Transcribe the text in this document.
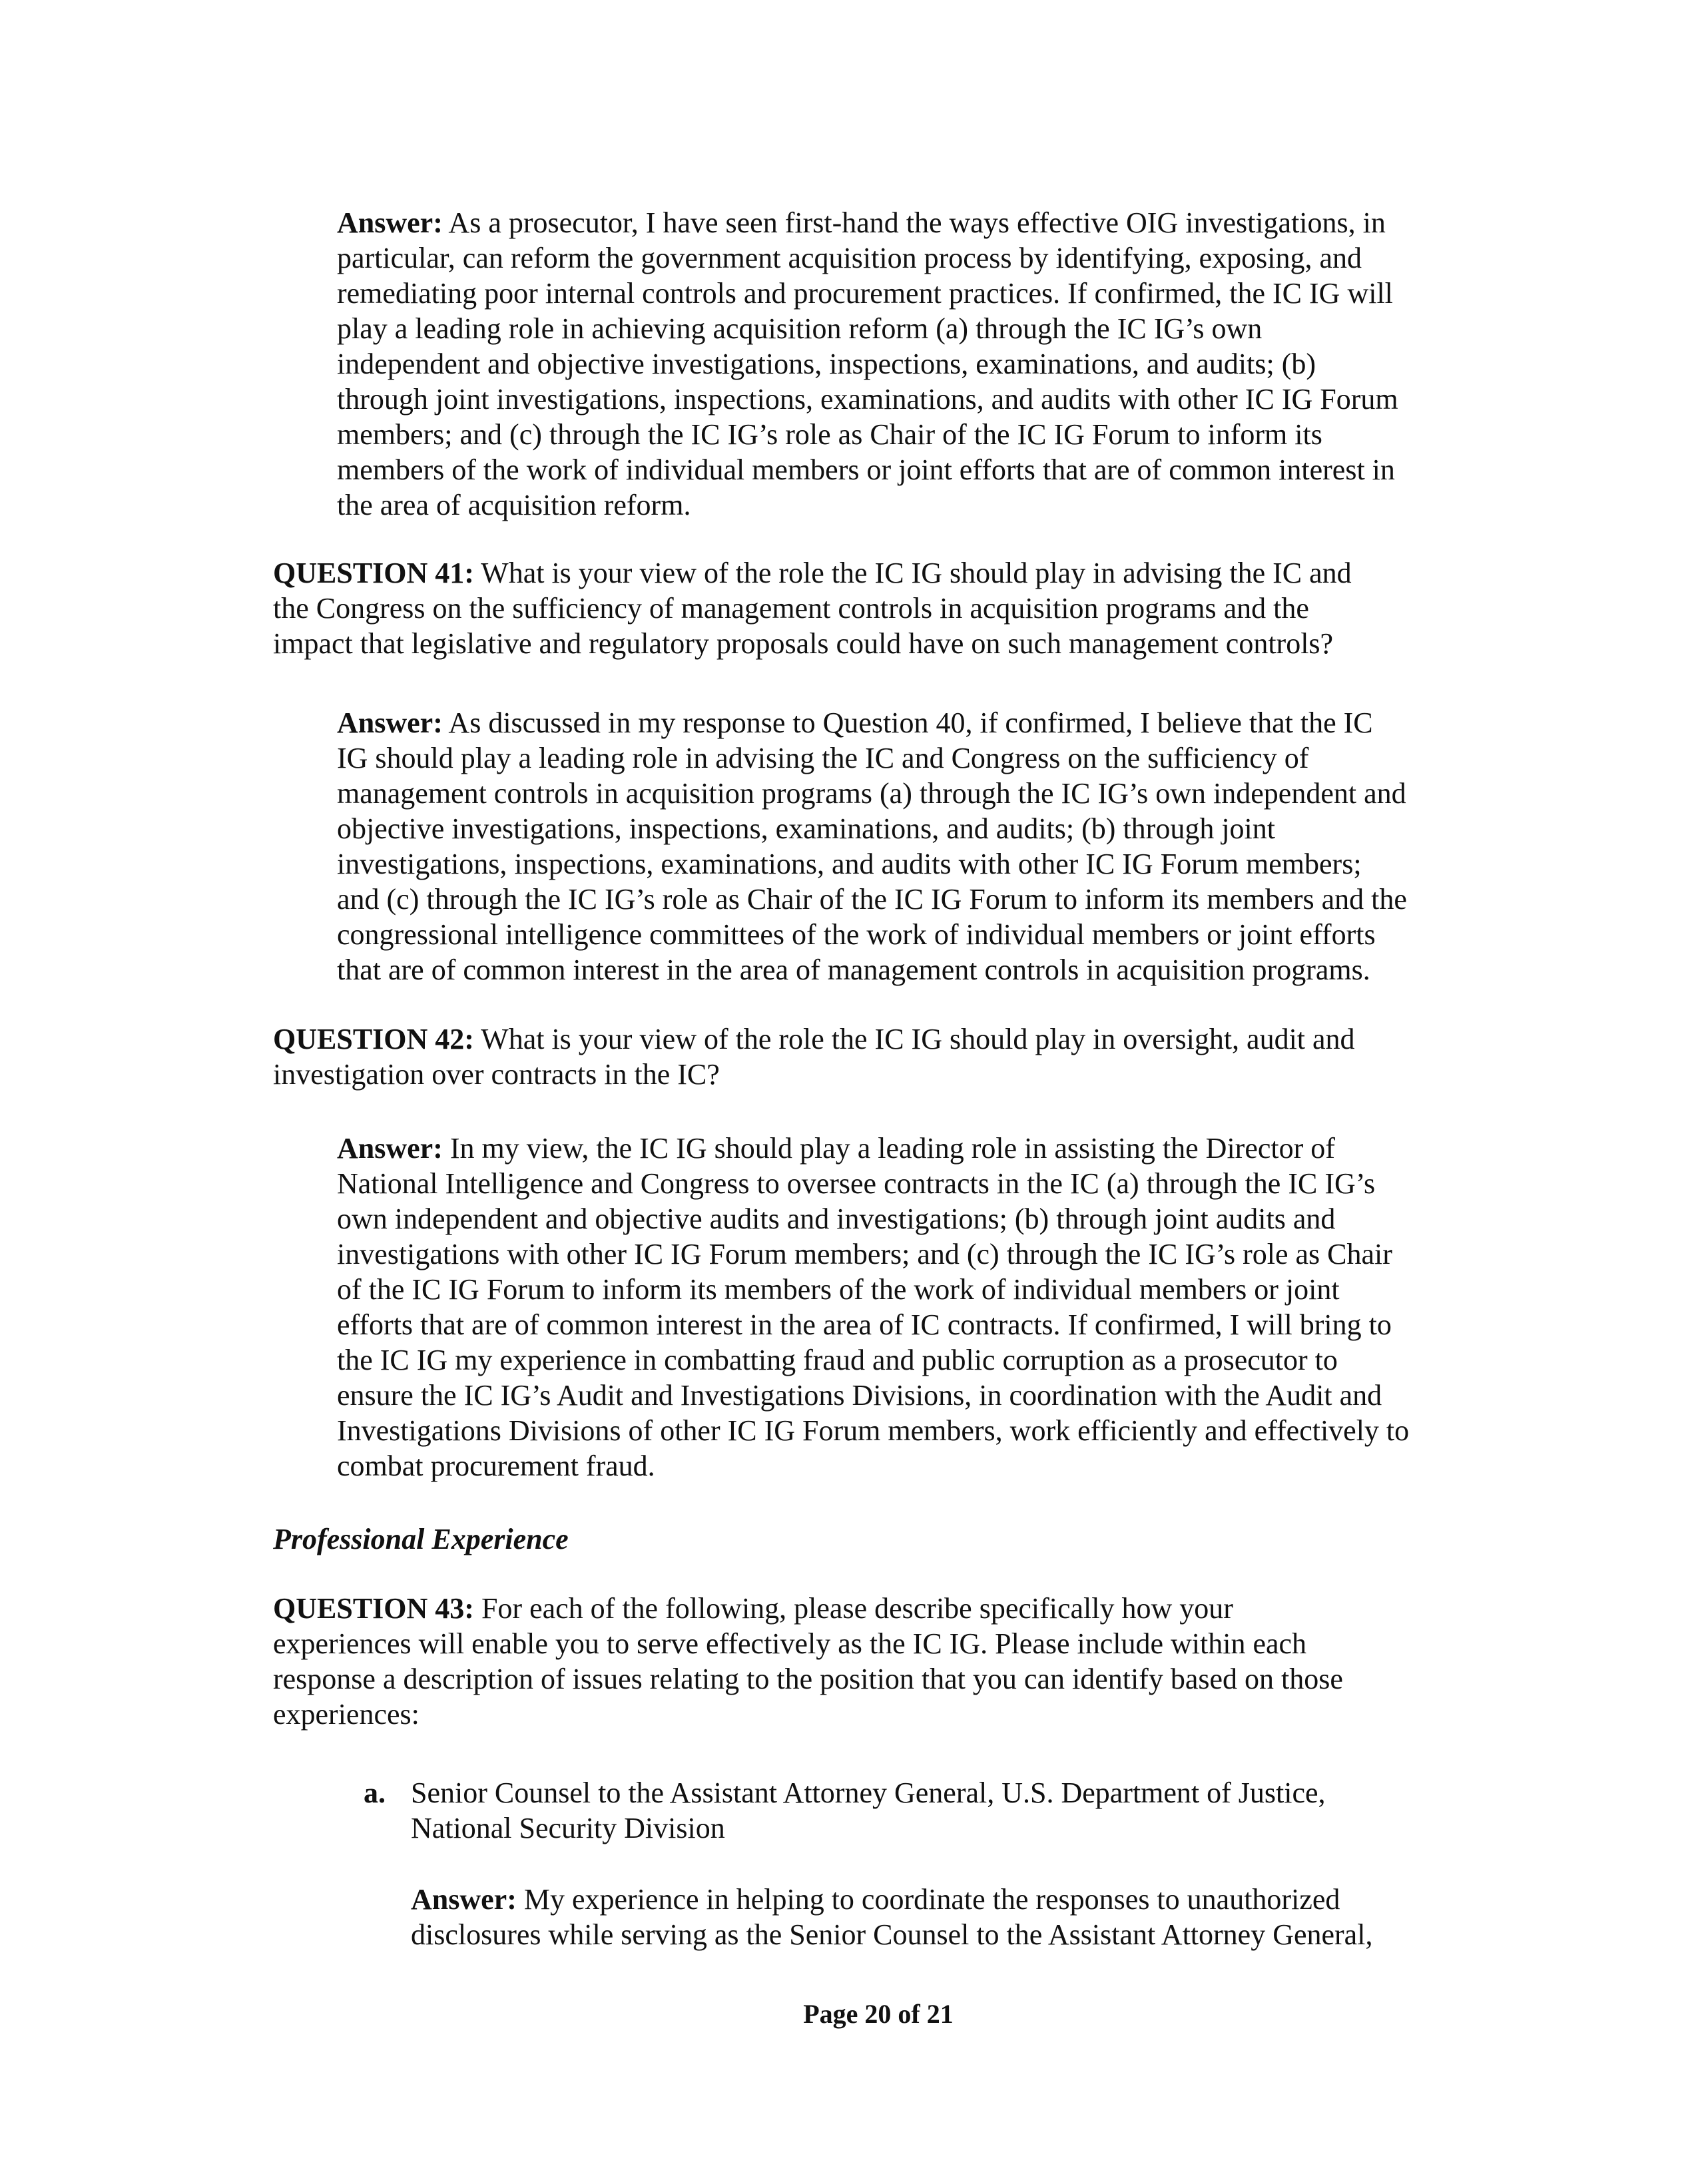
Answer: As a prosecutor, I have seen first-hand the ways effective OIG investigations, in
particular, can reform the government acquisition process by identifying, exposing, and
remediating poor internal controls and procurement practices. If confirmed, the IC IG will
play a leading role in achieving acquisition reform (a) through the IC IG’s own
independent and objective investigations, inspections, examinations, and audits; (b)
through joint investigations, inspections, examinations, and audits with other IC IG Forum
members; and (c) through the IC IG’s role as Chair of the IC IG Forum to inform its
members of the work of individual members or joint efforts that are of common interest in
the area of acquisition reform.
QUESTION 41: What is your view of the role the IC IG should play in advising the IC and
the Congress on the sufficiency of management controls in acquisition programs and the
impact that legislative and regulatory proposals could have on such management controls?
Answer: As discussed in my response to Question 40, if confirmed, I believe that the IC
IG should play a leading role in advising the IC and Congress on the sufficiency of
management controls in acquisition programs (a) through the IC IG’s own independent and
objective investigations, inspections, examinations, and audits; (b) through joint
investigations, inspections, examinations, and audits with other IC IG Forum members;
and (c) through the IC IG’s role as Chair of the IC IG Forum to inform its members and the
congressional intelligence committees of the work of individual members or joint efforts
that are of common interest in the area of management controls in acquisition programs.
QUESTION 42: What is your view of the role the IC IG should play in oversight, audit and
investigation over contracts in the IC?
Answer: In my view, the IC IG should play a leading role in assisting the Director of
National Intelligence and Congress to oversee contracts in the IC (a) through the IC IG’s
own independent and objective audits and investigations; (b) through joint audits and
investigations with other IC IG Forum members; and (c) through the IC IG’s role as Chair
of the IC IG Forum to inform its members of the work of individual members or joint
efforts that are of common interest in the area of IC contracts. If confirmed, I will bring to
the IC IG my experience in combatting fraud and public corruption as a prosecutor to
ensure the IC IG’s Audit and Investigations Divisions, in coordination with the Audit and
Investigations Divisions of other IC IG Forum members, work efficiently and effectively to
combat procurement fraud.
Professional Experience
QUESTION 43: For each of the following, please describe specifically how your
experiences will enable you to serve effectively as the IC IG. Please include within each
response a description of issues relating to the position that you can identify based on those
experiences:
a. Senior Counsel to the Assistant Attorney General, U.S. Department of Justice,
National Security Division
Answer: My experience in helping to coordinate the responses to unauthorized
disclosures while serving as the Senior Counsel to the Assistant Attorney General,
Page 20 of 21
